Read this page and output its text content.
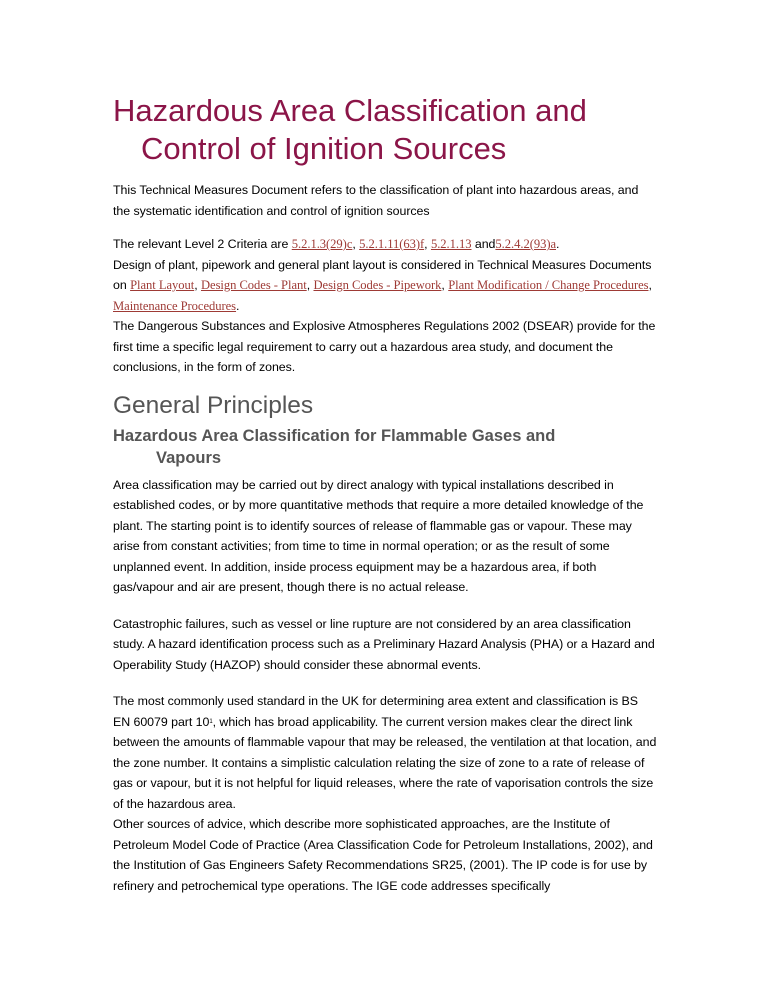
Hazardous Area Classification and
Control of Ignition Sources

This Technical Measures Document refers to the classification of plant into hazardous areas, and the systematic identification and control of ignition sources

The relevant Level 2 Criteria are 5.2.1.3(29)c, 5.2.1.11(63)f, 5.2.1.13 and5.2.4.2(93)a.

Design of plant, pipework and general plant layout is considered in Technical Measures Documents on Plant Layout, Design Codes - Plant, Design Codes - Pipework, Plant Modification / Change Procedures, Maintenance Procedures.

The Dangerous Substances and Explosive Atmospheres Regulations 2002 (DSEAR) provide for the first time a specific legal requirement to carry out a hazardous area study, and document the conclusions, in the form of zones.

General Principles
Hazardous Area Classification for Flammable Gases and
Vapours

Area classification may be carried out by direct analogy with typical installations described in established codes, or by more quantitative methods that require a more detailed knowledge of the plant. The starting point is to identify sources of release of flammable gas or vapour. These may arise from constant activities; from time to time in normal operation; or as the result of some unplanned event. In addition, inside process equipment may be a hazardous area, if both gas/vapour and air are present, though there is no actual release.

Catastrophic failures, such as vessel or line rupture are not considered by an area classification study. A hazard identification process such as a Preliminary Hazard Analysis (PHA) or a Hazard and Operability Study (HAZOP) should consider these abnormal events.

The most commonly used standard in the UK for determining area extent and classification is BS EN 60079 part 10$^1$, which has broad applicability. The current version makes clear the direct link between the amounts of flammable vapour that may be released, the ventilation at that location, and the zone number. It contains a simplistic calculation relating the size of zone to a rate of release of gas or vapour, but it is not helpful for liquid releases, where the rate of vaporisation controls the size of the hazardous area.

Other sources of advice, which describe more sophisticated approaches, are the Institute of Petroleum Model Code of Practice (Area Classification Code for Petroleum Installations, 2002), and the Institution of Gas Engineers Safety Recommendations SR25, (2001). The IP code is for use by refinery and petrochemical type operations. The IGE code addresses specifically
